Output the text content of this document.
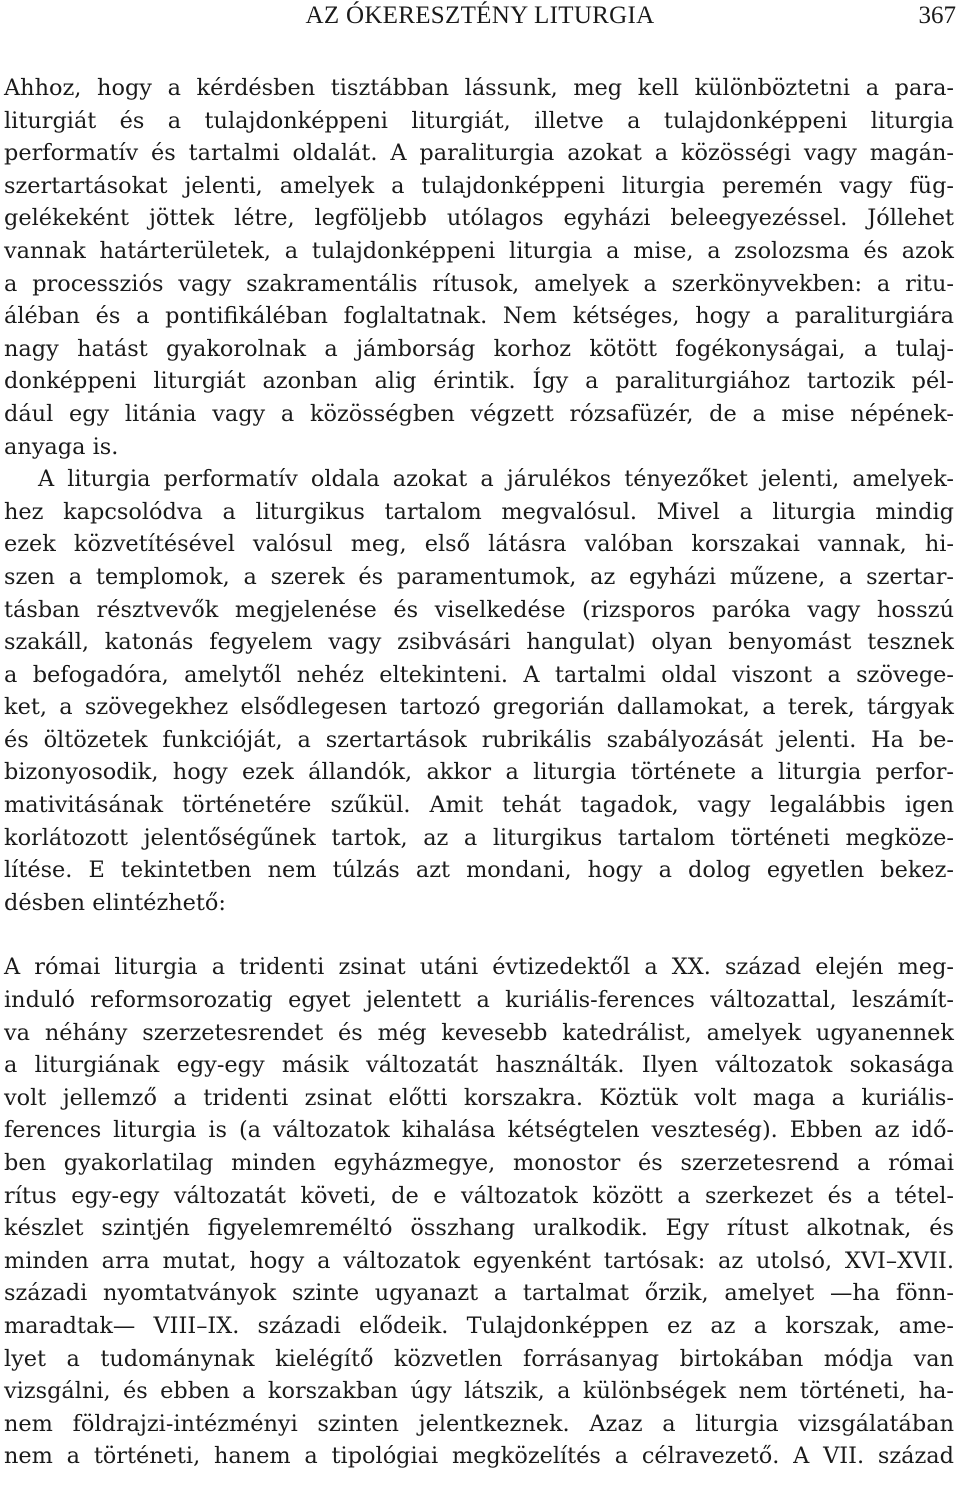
AZ ÓKERESZTÉNY LITURGIA	367
Ahhoz, hogy a kérdésben tisztábban lássunk, meg kell különböztetni a para-
liturgiát és a tulajdonképpeni liturgiát, illetve a tulajdonképpeni liturgia
performatív és tartalmi oldalát. A paraliturgia azokat a közösségi vagy magán-
szertartásokat jelenti, amelyek a tulajdonképpeni liturgia peremén vagy füg-
gelékeként jöttek létre, legföljebb utólagos egyházi beleegyezéssel. Jóllehet
vannak határterületek, a tulajdonképpeni liturgia a mise, a zsolozsma és azok
a processziós vagy szakramentális rítusok, amelyek a szerkönyvekben: a ritu-
áléban és a pontifikáléban foglaltatnak. Nem kétséges, hogy a paraliturgiára
nagy hatást gyakorolnak a jámborság korhoz kötött fogékonyságai, a tulaj-
donképpeni liturgiát azonban alig érintik. Így a paraliturgiához tartozik pél-
dául egy litánia vagy a közösségben végzett rózsafüzér, de a mise népének-
anyaga is.
A liturgia performatív oldala azokat a járulékos tényezőket jelenti, amelyek-
hez kapcsolódva a liturgikus tartalom megvalósul. Mivel a liturgia mindig
ezek közvetítésével valósul meg, első látásra valóban korszakai vannak, hi-
szen a templomok, a szerek és paramentumok, az egyházi műzene, a szertar-
tásban résztvevők megjelenése és viselkedése (rizsporos paróka vagy hosszú
szakáll, katonás fegyelem vagy zsibvásári hangulat) olyan benyomást tesznek
a befogadóra, amelytől nehéz eltekinteni. A tartalmi oldal viszont a szövege-
ket, a szövegekhez elsődlegesen tartozó gregorián dallamokat, a terek, tárgyak
és öltözetek funkcióját, a szertartások rubrikális szabályozását jelenti. Ha be-
bizonyosodik, hogy ezek állandók, akkor a liturgia története a liturgia perfor-
mativitásának történetére szűkül. Amit tehát tagadok, vagy legalábbis igen
korlátozott jelentőségűnek tartok, az a liturgikus tartalom történeti megköze-
lítése. E tekintetben nem túlzás azt mondani, hogy a dolog egyetlen bekez-
désben elintézhető:
A római liturgia a tridenti zsinat utáni évtizedektől a XX. század elején meg-
induló reformsorozatig egyet jelentett a kuriális-ferences változattal, leszámít-
va néhány szerzetesrendet és még kevesebb katedrálist, amelyek ugyanennek
a liturgiának egy-egy másik változatát használták. Ilyen változatok sokasága
volt jellemző a tridenti zsinat előtti korszakra. Köztük volt maga a kuriális-
ferences liturgia is (a változatok kihalása kétségtelen veszteség). Ebben az idő-
ben gyakorlatilag minden egyházmegye, monostor és szerzetesrend a római
rítus egy-egy változatát követi, de e változatok között a szerkezet és a tétel-
készlet szintjén figyelemreméltó összhang uralkodik. Egy rítust alkotnak, és
minden arra mutat, hogy a változatok egyenként tartósak: az utolsó, XVI–XVII.
századi nyomtatványok szinte ugyanazt a tartalmat őrzik, amelyet —ha fönn-
maradtak— VIII–IX. századi elődeik. Tulajdonképpen ez az a korszak, ame-
lyet a tudománynak kielégítő közvetlen forrásanyag birtokában módja van
vizsgálni, és ebben a korszakban úgy látszik, a különbségek nem történeti, ha-
nem földrajzi-intézményi szinten jelentkeznek. Azaz a liturgia vizsgálatában
nem a történeti, hanem a tipológiai megközelítés a célravezető. A VII. század
